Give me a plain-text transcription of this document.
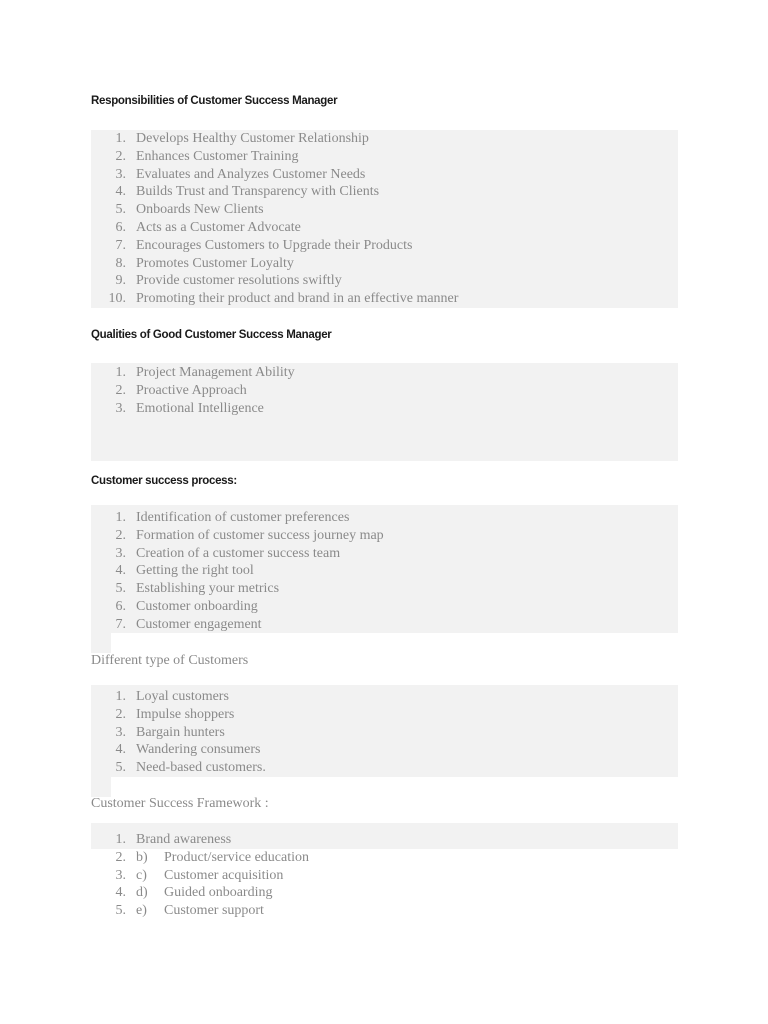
Responsibilities of Customer Success Manager
1. Develops Healthy Customer Relationship
2. Enhances Customer Training
3. Evaluates and Analyzes Customer Needs
4. Builds Trust and Transparency with Clients
5. Onboards New Clients
6. Acts as a Customer Advocate
7. Encourages Customers to Upgrade their Products
8. Promotes Customer Loyalty
9. Provide customer resolutions swiftly
10. Promoting their product and brand in an effective manner
Qualities of Good Customer Success Manager
1. Project Management Ability
2. Proactive Approach
3. Emotional Intelligence
Customer success process:
1. Identification of customer preferences
2. Formation of customer success journey map
3. Creation of a customer success team
4. Getting the right tool
5. Establishing your metrics
6. Customer onboarding
7. Customer engagement

Different type of Customers

1. Loyal customers
2. Impulse shoppers
3. Bargain hunters
4. Wandering consumers
5. Need-based customers.

Customer Success Framework :

1. Brand awareness
2. b) Product/service education
3. c) Customer acquisition
4. d) Guided onboarding
5. e) Customer support
